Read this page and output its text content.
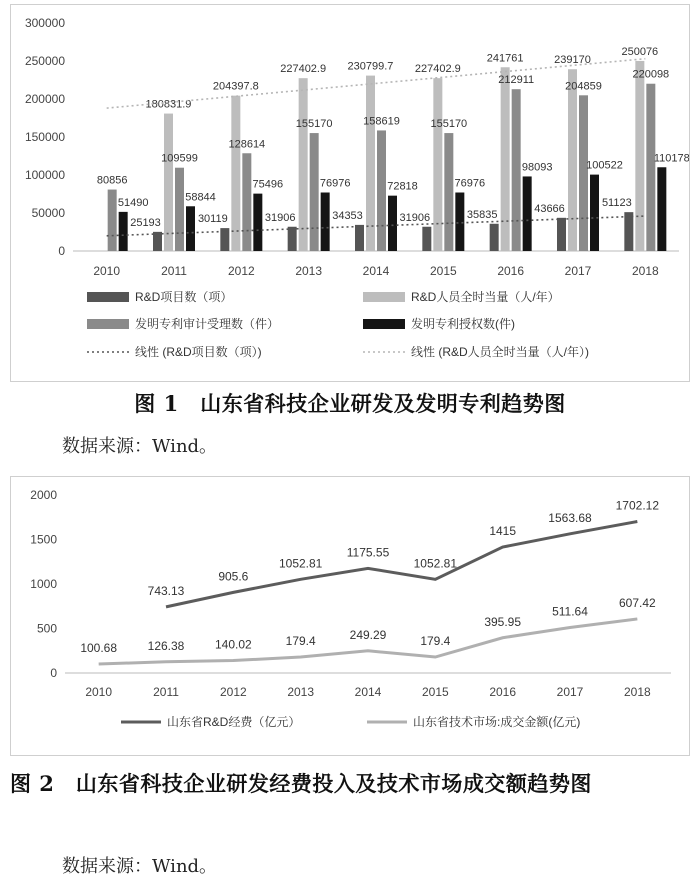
0
50000
100000
150000
200000
250000
300000
2010	2011	2012	2013	2014	2015	2016	2017	2018
80856
51490
25193
180831.9
109599
58844
30119
204397.8
128614
75496
31906
227402.9
155170
76976
34353
230799.7
158619
72818
31906
227402.9
155170
76976
35835
241761
212911
98093
43666
239170
204859
100522
51123
250076
220098
110178
R&D项目数（项）	R&D人员全时当量（人/年）
发明专利审计受理数（件）	发明专利授权数(件)
线性 (R&D项目数（项）)	线性 (R&D人员全时当量（人/年）)
图 1　山东省科技企业研发及发明专利趋势图
数据来源：Wind。
0
500
1000
1500
2000
2010	2011	2012	2013	2014	2015	2016	2017	2018
743.13
905.6
1052.81
1175.55
1052.81
1415
1563.68
1702.12
100.68	126.38	140.02	179.4	249.29	179.4
395.95
511.64
607.42
山东省R&D经费（亿元）	山东省技术市场:成交金额(亿元)
图 2　山东省科技企业研发经费投入及技术市场成交额趋势图
数据来源：Wind。
